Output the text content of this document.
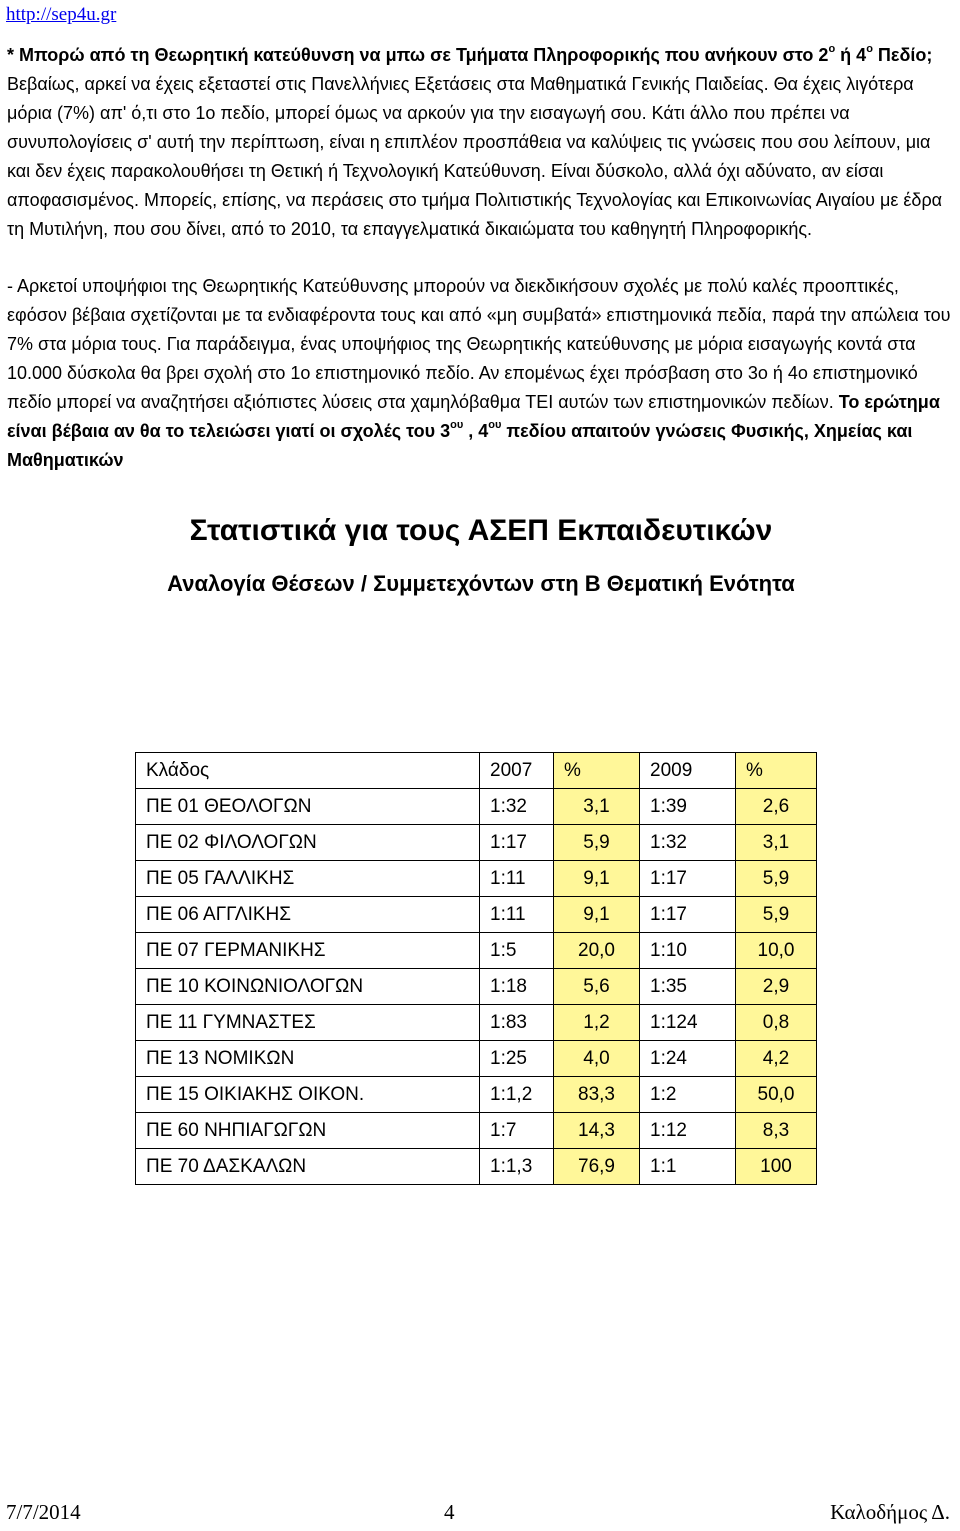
http://sep4u.gr

* Μπορώ από τη Θεωρητική κατεύθυνση να μπω σε Τμήματα Πληροφορικής που ανήκουν στο $2^o$ ή $4^o$ Πεδίο;

Βεβαίως, αρκεί να έχεις εξεταστεί στις Πανελλήνιες Εξετάσεις στα Μαθηματικά Γενικής Παιδείας. Θα έχεις λιγότερα μόρια (7%) απ' ό,τι στο 1ο πεδίο, μπορεί όμως να αρκούν για την εισαγωγή σου. Κάτι άλλο που πρέπει να συνυπολογίσεις σ' αυτή την περίπτωση, είναι η επιπλέον προσπάθεια να καλύψεις τις γνώσεις που σου λείπουν, μια και δεν έχεις παρακολουθήσει τη Θετική ή Τεχνολογική Κατεύθυνση. Είναι δύσκολο, αλλά όχι αδύνατο, αν είσαι αποφασισμένος. Μπορείς, επίσης, να περάσεις στο τμήμα Πολιτιστικής Τεχνολογίας και Επικοινωνίας Αιγαίου με έδρα τη Μυτιλήνη, που σου δίνει, από το 2010, τα επαγγελματικά δικαιώματα του καθηγητή Πληροφορικής.

- Αρκετοί υποψήφιοι της Θεωρητικής Κατεύθυνσης μπορούν να διεκδικήσουν σχολές με πολύ καλές προοπτικές, εφόσον βέβαια σχετίζονται με τα ενδιαφέροντα τους και από «μη συμβατά» επιστημονικά πεδία, παρά την απώλεια του 7% στα μόρια τους. Για παράδειγμα, ένας υποψήφιος της Θεωρητικής κατεύθυνσης με μόρια εισαγωγής κοντά στα 10.000 δύσκολα θα βρει σχολή στο 1ο επιστημονικό πεδίο. Αν επομένως έχει πρόσβαση στο 3ο ή 4ο επιστημονικό πεδίο μπορεί να αναζητήσει αξιόπιστες λύσεις στα χαμηλόβαθμα ΤΕΙ αυτών των επιστημονικών πεδίων. Το ερώτημα είναι βέβαια αν θα το τελειώσει γιατί οι σχολές του $3^{o\upsilon}$ , $4^{o\upsilon}$ πεδίου απαιτούν γνώσεις Φυσικής, Χημείας και Μαθηματικών

Στατιστικά για τους ΑΣΕΠ Εκπαιδευτικών
Αναλογία Θέσεων / Συμμετεχόντων στη Β Θεματική Ενότητα
Κλάδος	2007	%	2009	%
ΠΕ 01 ΘΕΟΛΟΓΩΝ	1:32	3,1	1:39	2,6
ΠΕ 02 ΦΙΛΟΛΟΓΩΝ	1:17	5,9	1:32	3,1
ΠΕ 05 ΓΑΛΛΙΚΗΣ	1:11	9,1	1:17	5,9
ΠΕ 06 ΑΓΓΛΙΚΗΣ	1:11	9,1	1:17	5,9
ΠΕ 07 ΓΕΡΜΑΝΙΚΗΣ	1:5	20,0	1:10	10,0
ΠΕ 10 ΚΟΙΝΩΝΙΟΛΟΓΩΝ	1:18	5,6	1:35	2,9
ΠΕ 11 ΓΥΜΝΑΣΤΕΣ	1:83	1,2	1:124	0,8
ΠΕ 13 ΝΟΜΙΚΩΝ	1:25	4,0	1:24	4,2
ΠΕ 15 ΟΙΚΙΑΚΗΣ ΟΙΚΟΝ.	1:1,2	83,3	1:2	50,0
ΠΕ 60 ΝΗΠΙΑΓΩΓΩΝ	1:7	14,3	1:12	8,3
ΠΕ 70 ΔΑΣΚΑΛΩΝ	1:1,3	76,9	1:1	100
7/7/2014	4	Καλοδήμος Δ.
